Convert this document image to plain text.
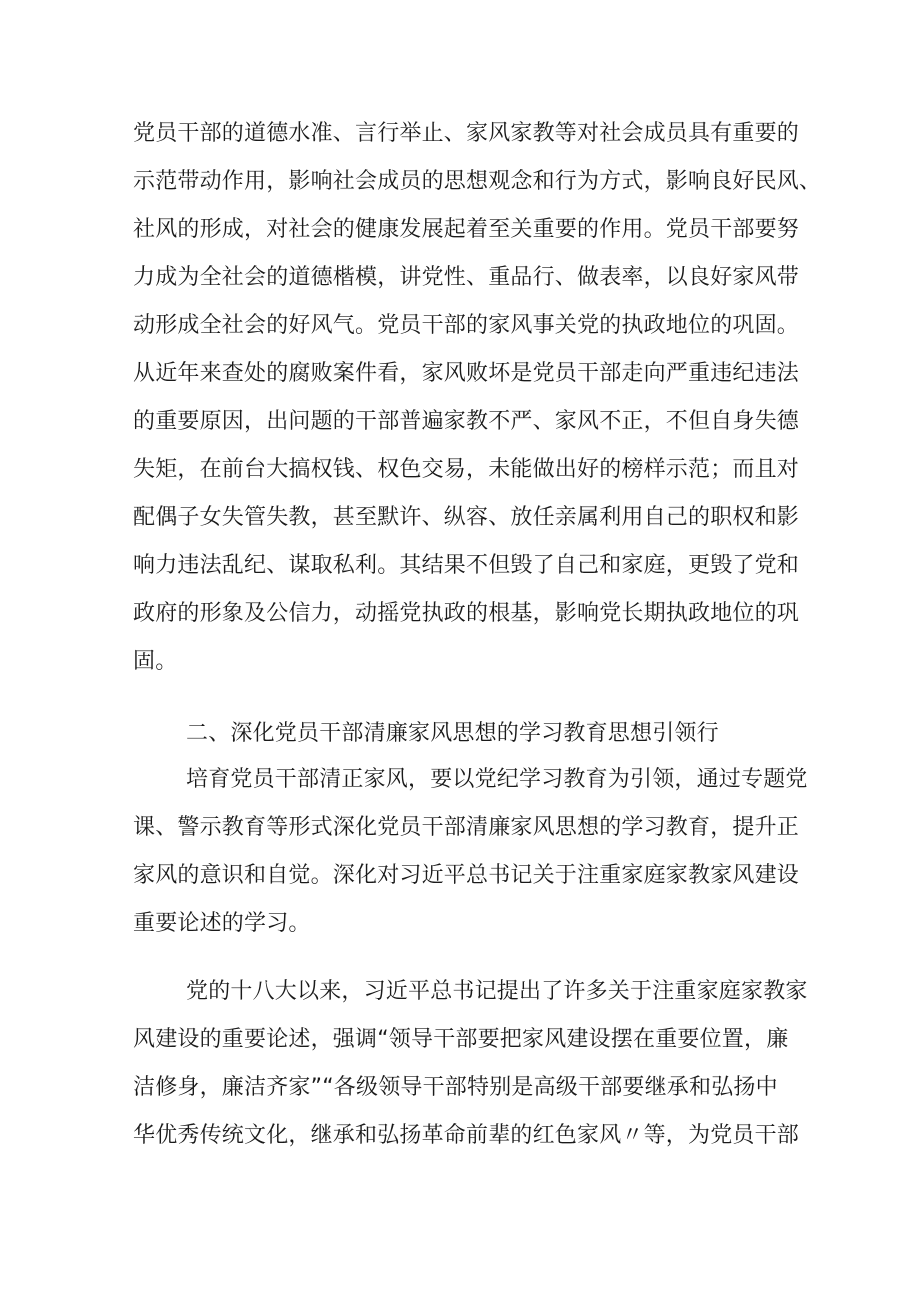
党员干部的道德水准、言行举止、家风家教等对社会成员具有重要的
示范带动作用，影响社会成员的思想观念和行为方式，影响良好民风、
社风的形成，对社会的健康发展起着至关重要的作用。党员干部要努
力成为全社会的道德楷模，讲党性、重品行、做表率，以良好家风带
动形成全社会的好风气。党员干部的家风事关党的执政地位的巩固。
从近年来查处的腐败案件看，家风败坏是党员干部走向严重违纪违法
的重要原因，出问题的干部普遍家教不严、家风不正，不但自身失德
失矩，在前台大搞权钱、权色交易，未能做出好的榜样示范；而且对
配偶子女失管失教，甚至默许、纵容、放任亲属利用自己的职权和影
响力违法乱纪、谋取私利。其结果不但毁了自己和家庭，更毁了党和
政府的形象及公信力，动摇党执政的根基，影响党长期执政地位的巩
固。
二、深化党员干部清廉家风思想的学习教育思想引领行
培育党员干部清正家风，要以党纪学习教育为引领，通过专题党
课、警示教育等形式深化党员干部清廉家风思想的学习教育，提升正
家风的意识和自觉。深化对习近平总书记关于注重家庭家教家风建设
重要论述的学习。
党的十八大以来，习近平总书记提出了许多关于注重家庭家教家
风建设的重要论述，强调“领导干部要把家风建设摆在重要位置，廉
洁修身，廉洁齐家”“各级领导干部特别是高级干部要继承和弘扬中
华优秀传统文化，继承和弘扬革命前辈的红色家风〃等，为党员干部
